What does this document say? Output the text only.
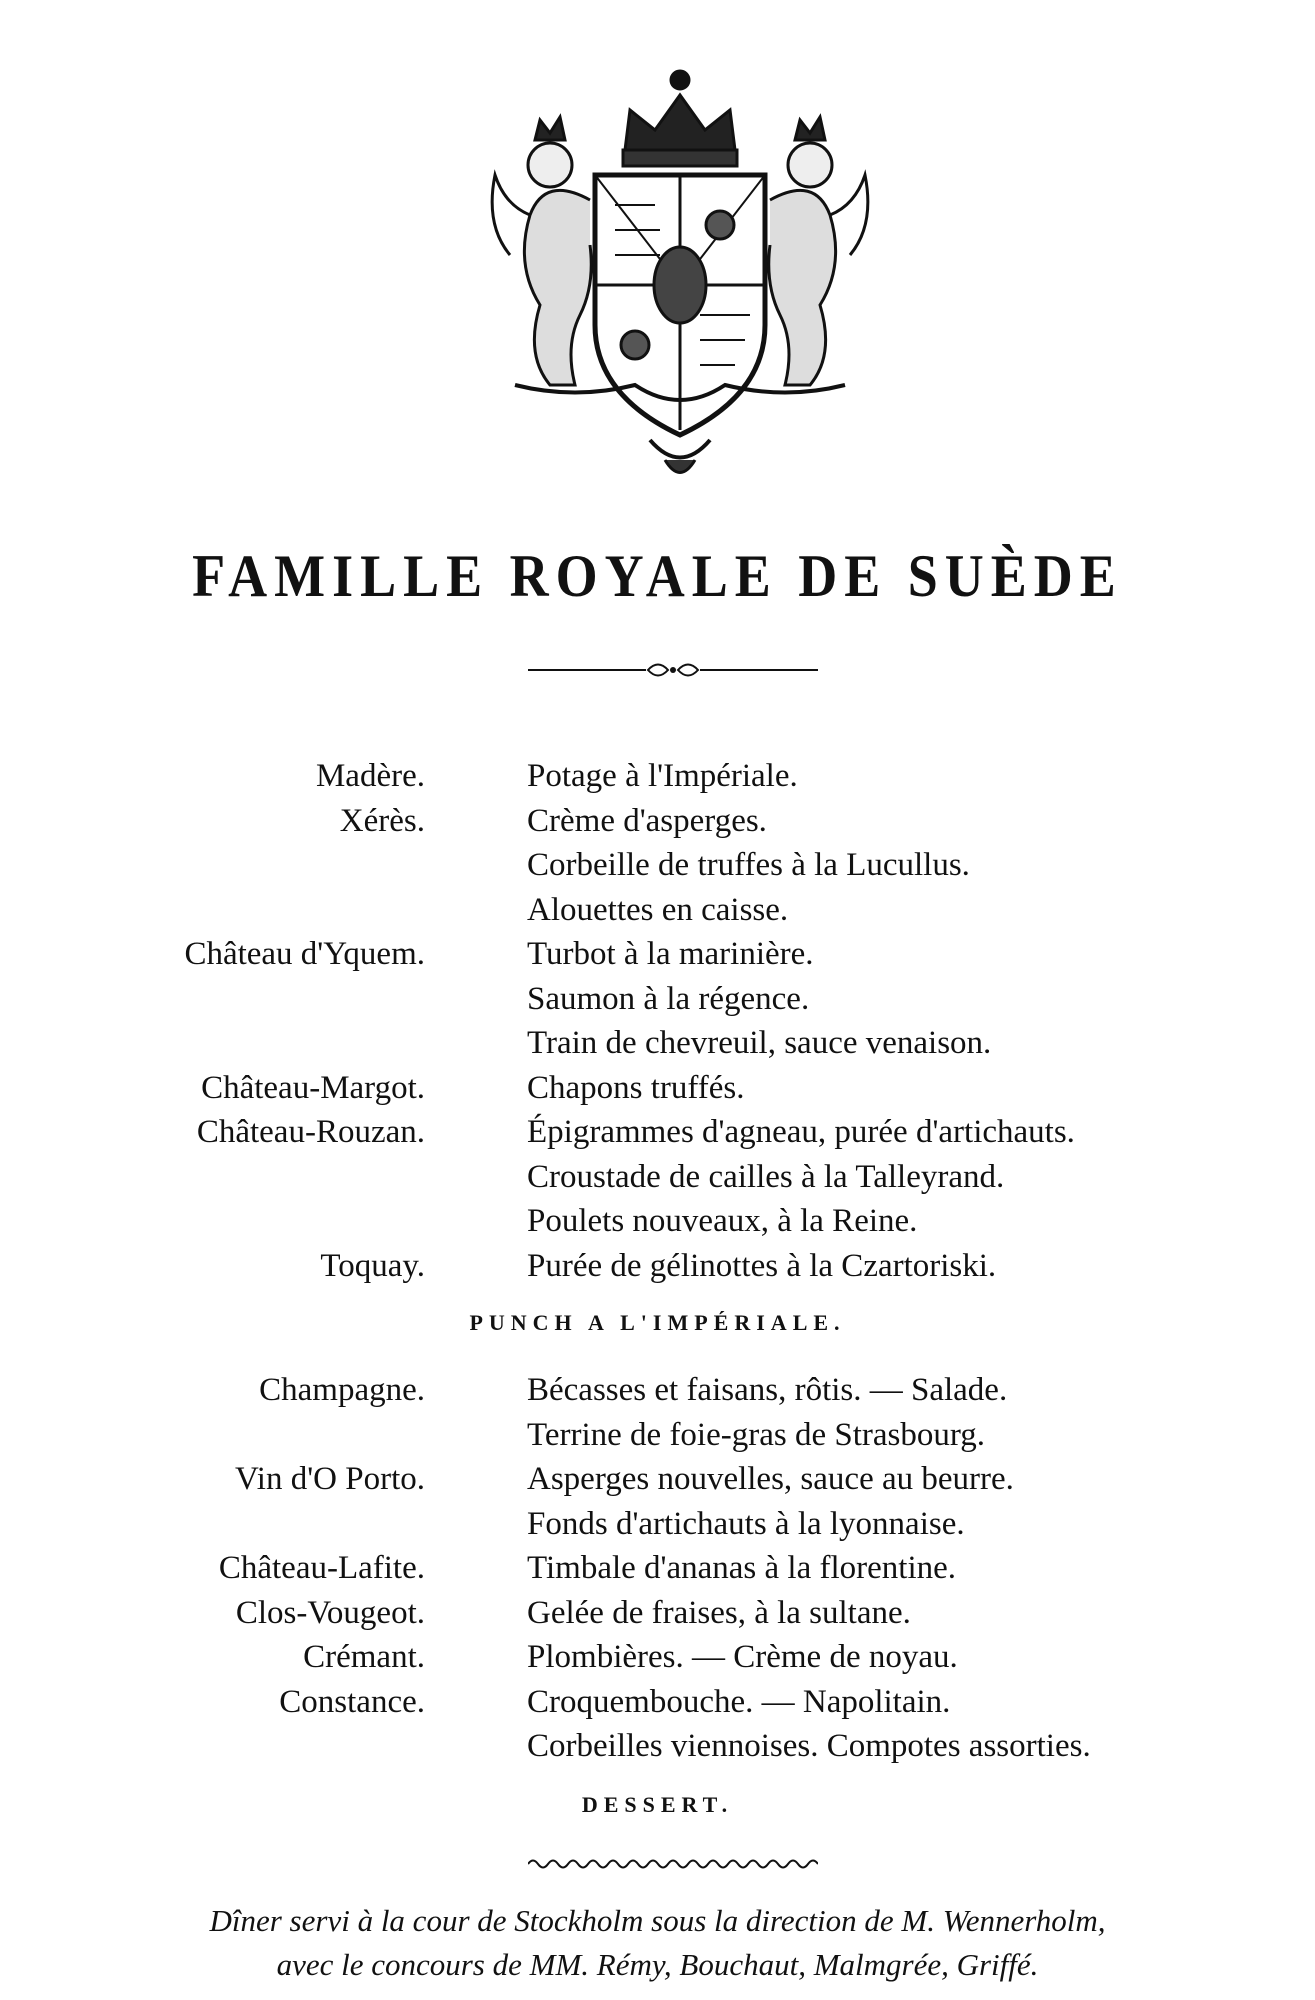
FAMILLE ROYALE DE SUÈDE
Madère.
Xérès.
Château d'Yquem.
Château-Margot.
Château-Rouzan.
Toquay.
Champagne.
Vin d'O Porto.
Château-Lafite.
Clos-Vougeot.
Crémant.
Constance.
Potage à l'Impériale.
Crème d'asperges.
Corbeille de truffes à la Lucullus.
Alouettes en caisse.
Turbot à la marinière.
Saumon à la régence.
Train de chevreuil, sauce venaison.
Chapons truffés.
Épigrammes d'agneau, purée d'artichauts.
Croustade de cailles à la Talleyrand.
Poulets nouveaux, à la Reine.
Purée de gélinottes à la Czartoriski.
Bécasses et faisans, rôtis. — Salade.
Terrine de foie-gras de Strasbourg.
Asperges nouvelles, sauce au beurre.
Fonds d'artichauts à la lyonnaise.
Timbale d'ananas à la florentine.
Gelée de fraises, à la sultane.
Plombières. — Crème de noyau.
Croquembouche. — Napolitain.
Corbeilles viennoises. Compotes assorties.
PUNCH A L'IMPÉRIALE.
DESSERT.
Dîner servi à la cour de Stockholm sous la direction de M. Wennerholm,
avec le concours de MM. Rémy, Bouchaut, Malmgrée, Griffé.
